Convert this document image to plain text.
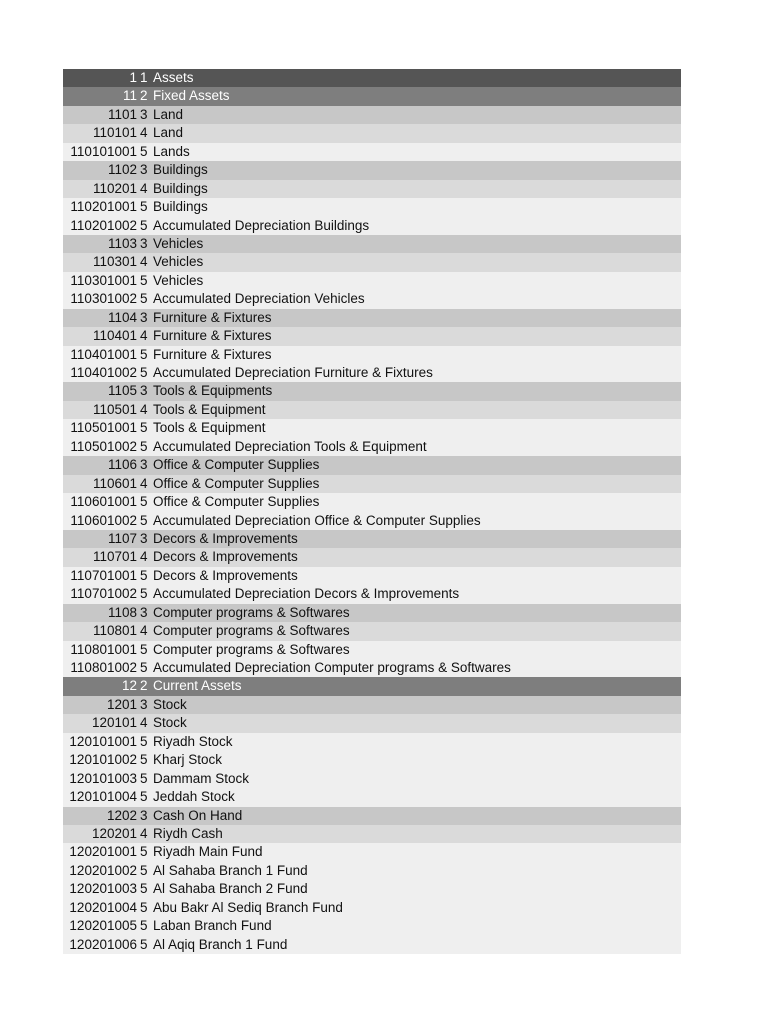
1 1 Assets
11 2 Fixed Assets
1101 3 Land
110101 4 Land
110101001 5 Lands
1102 3 Buildings
110201 4 Buildings
110201001 5 Buildings
110201002 5 Accumulated Depreciation Buildings
1103 3 Vehicles
110301 4 Vehicles
110301001 5 Vehicles
110301002 5 Accumulated Depreciation Vehicles
1104 3 Furniture & Fixtures
110401 4 Furniture & Fixtures
110401001 5 Furniture & Fixtures
110401002 5 Accumulated Depreciation Furniture & Fixtures
1105 3 Tools & Equipments
110501 4 Tools & Equipment
110501001 5 Tools & Equipment
110501002 5 Accumulated Depreciation Tools & Equipment
1106 3 Office & Computer Supplies
110601 4 Office & Computer Supplies
110601001 5 Office & Computer Supplies
110601002 5 Accumulated Depreciation Office & Computer Supplies
1107 3 Decors & Improvements
110701 4 Decors & Improvements
110701001 5 Decors & Improvements
110701002 5 Accumulated Depreciation Decors & Improvements
1108 3 Computer programs & Softwares
110801 4 Computer programs & Softwares
110801001 5 Computer programs & Softwares
110801002 5 Accumulated Depreciation Computer programs & Softwares
12 2 Current Assets
1201 3 Stock
120101 4 Stock
120101001 5 Riyadh Stock
120101002 5 Kharj Stock
120101003 5 Dammam Stock
120101004 5 Jeddah Stock
1202 3 Cash On Hand
120201 4 Riydh Cash
120201001 5 Riyadh Main Fund
120201002 5 Al Sahaba Branch 1 Fund
120201003 5 Al Sahaba Branch 2 Fund
120201004 5 Abu Bakr Al Sediq Branch Fund
120201005 5 Laban Branch Fund
120201006 5 Al Aqiq Branch 1 Fund
